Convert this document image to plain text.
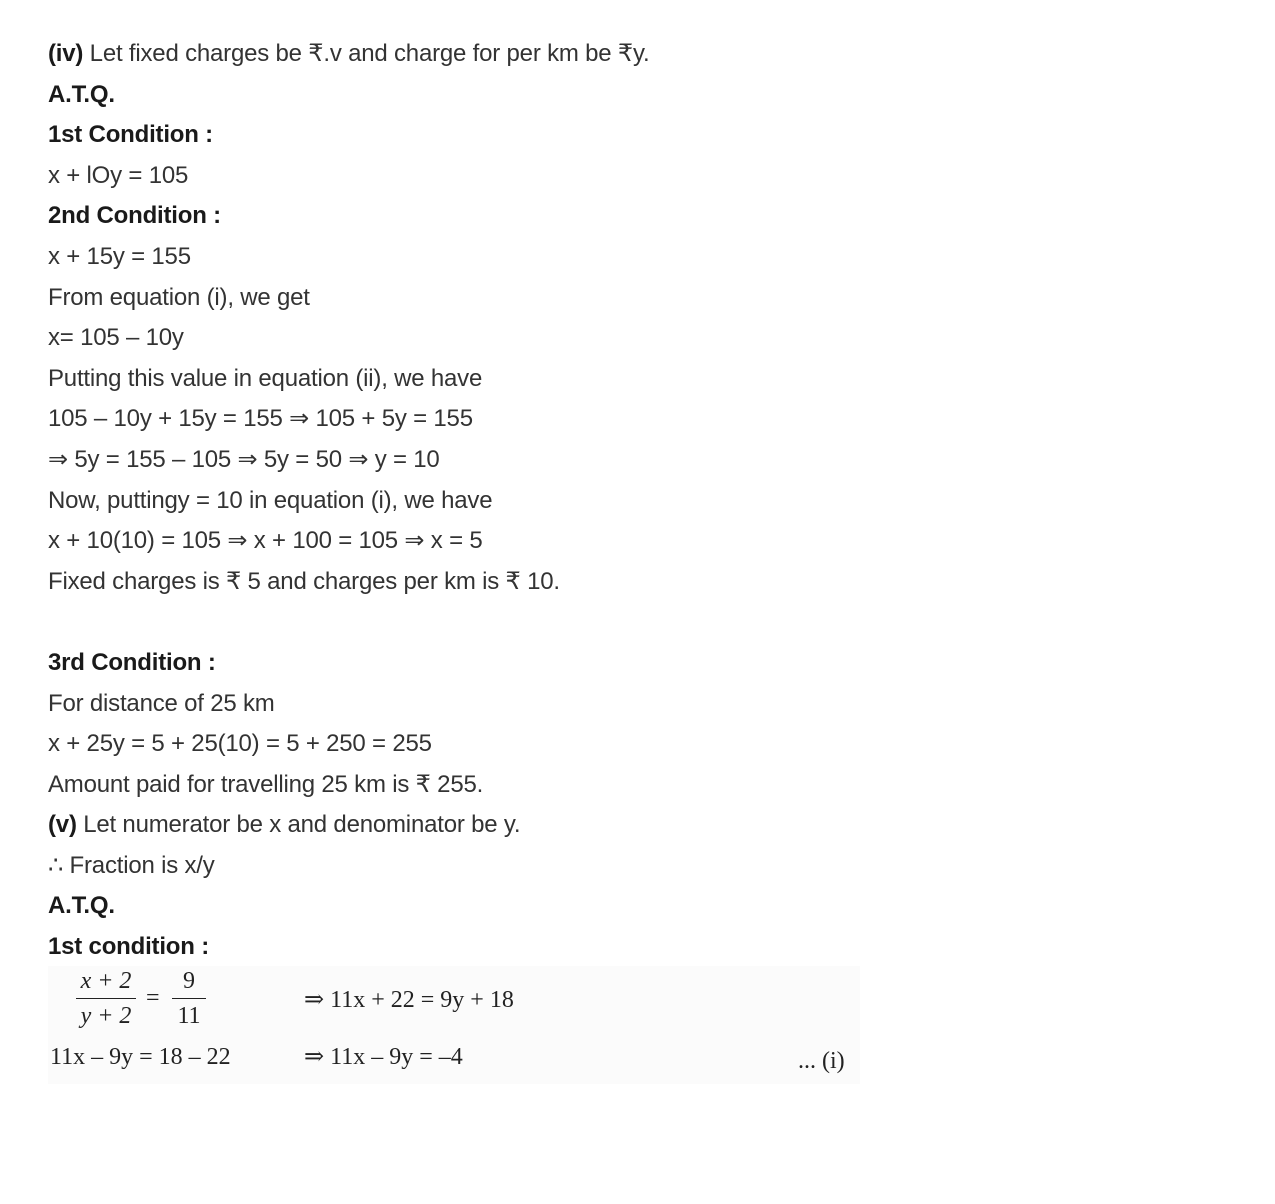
(iv) Let fixed charges be ₹.v and charge for per km be ₹y.
A.T.Q.
1st Condition :
x + lOy = 105
2nd Condition :
x + 15y = 155
From equation (i), we get
x= 105 – 10y
Putting this value in equation (ii), we have
105 – 10y + 15y = 155 ⇒ 105 + 5y = 155
⇒ 5y = 155 – 105 ⇒ 5y = 50 ⇒ y = 10
Now, puttingy = 10 in equation (i), we have
x + 10(10) = 105 ⇒ x + 100 = 105 ⇒ x = 5
Fixed charges is ₹ 5 and charges per km is ₹ 10.
3rd Condition :
For distance of 25 km
x + 25y = 5 + 25(10) = 5 + 250 = 255
Amount paid for travelling 25 km is ₹ 255.
(v) Let numerator be x and denominator be y.
∴ Fraction is x/y
A.T.Q.
1st condition :
x + 2
y + 2
=
9
11
⇒ 11x + 22 = 9y + 18
11x – 9y = 18 – 22	⇒ 11x – 9y = –4	... (i)
